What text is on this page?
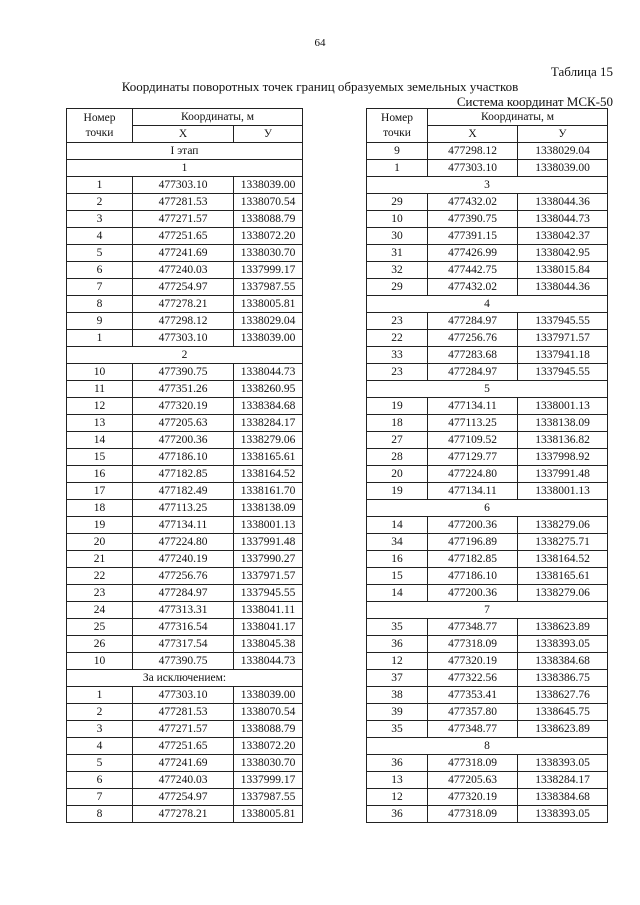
64
Таблица 15
Координаты поворотных точек границ образуемых земельных участков
Система координат МСК-50
Номер
точки	Координаты, м	
	X	У
I этап		
1		
1	477303.10	1338039.00
2	477281.53	1338070.54
3	477271.57	1338088.79
4	477251.65	1338072.20
5	477241.69	1338030.70
6	477240.03	1337999.17
7	477254.97	1337987.55
8	477278.21	1338005.81
9	477298.12	1338029.04
1	477303.10	1338039.00
2		
10	477390.75	1338044.73
11	477351.26	1338260.95
12	477320.19	1338384.68
13	477205.63	1338284.17
14	477200.36	1338279.06
15	477186.10	1338165.61
16	477182.85	1338164.52
17	477182.49	1338161.70
18	477113.25	1338138.09
19	477134.11	1338001.13
20	477224.80	1337991.48
21	477240.19	1337990.27
22	477256.76	1337971.57
23	477284.97	1337945.55
24	477313.31	1338041.11
25	477316.54	1338041.17
26	477317.54	1338045.38
10	477390.75	1338044.73
За исключением:		
1	477303.10	1338039.00
2	477281.53	1338070.54
3	477271.57	1338088.79
4	477251.65	1338072.20
5	477241.69	1338030.70
6	477240.03	1337999.17
7	477254.97	1337987.55
8	477278.21	1338005.81
Номер
точки	Координаты, м	
	X	У
9	477298.12	1338029.04
1	477303.10	1338039.00
3		
29	477432.02	1338044.36
10	477390.75	1338044.73
30	477391.15	1338042.37
31	477426.99	1338042.95
32	477442.75	1338015.84
29	477432.02	1338044.36
4		
23	477284.97	1337945.55
22	477256.76	1337971.57
33	477283.68	1337941.18
23	477284.97	1337945.55
5		
19	477134.11	1338001.13
18	477113.25	1338138.09
27	477109.52	1338136.82
28	477129.77	1337998.92
20	477224.80	1337991.48
19	477134.11	1338001.13
6		
14	477200.36	1338279.06
34	477196.89	1338275.71
16	477182.85	1338164.52
15	477186.10	1338165.61
14	477200.36	1338279.06
7		
35	477348.77	1338623.89
36	477318.09	1338393.05
12	477320.19	1338384.68
37	477322.56	1338386.75
38	477353.41	1338627.76
39	477357.80	1338645.75
35	477348.77	1338623.89
8		
36	477318.09	1338393.05
13	477205.63	1338284.17
12	477320.19	1338384.68
36	477318.09	1338393.05
